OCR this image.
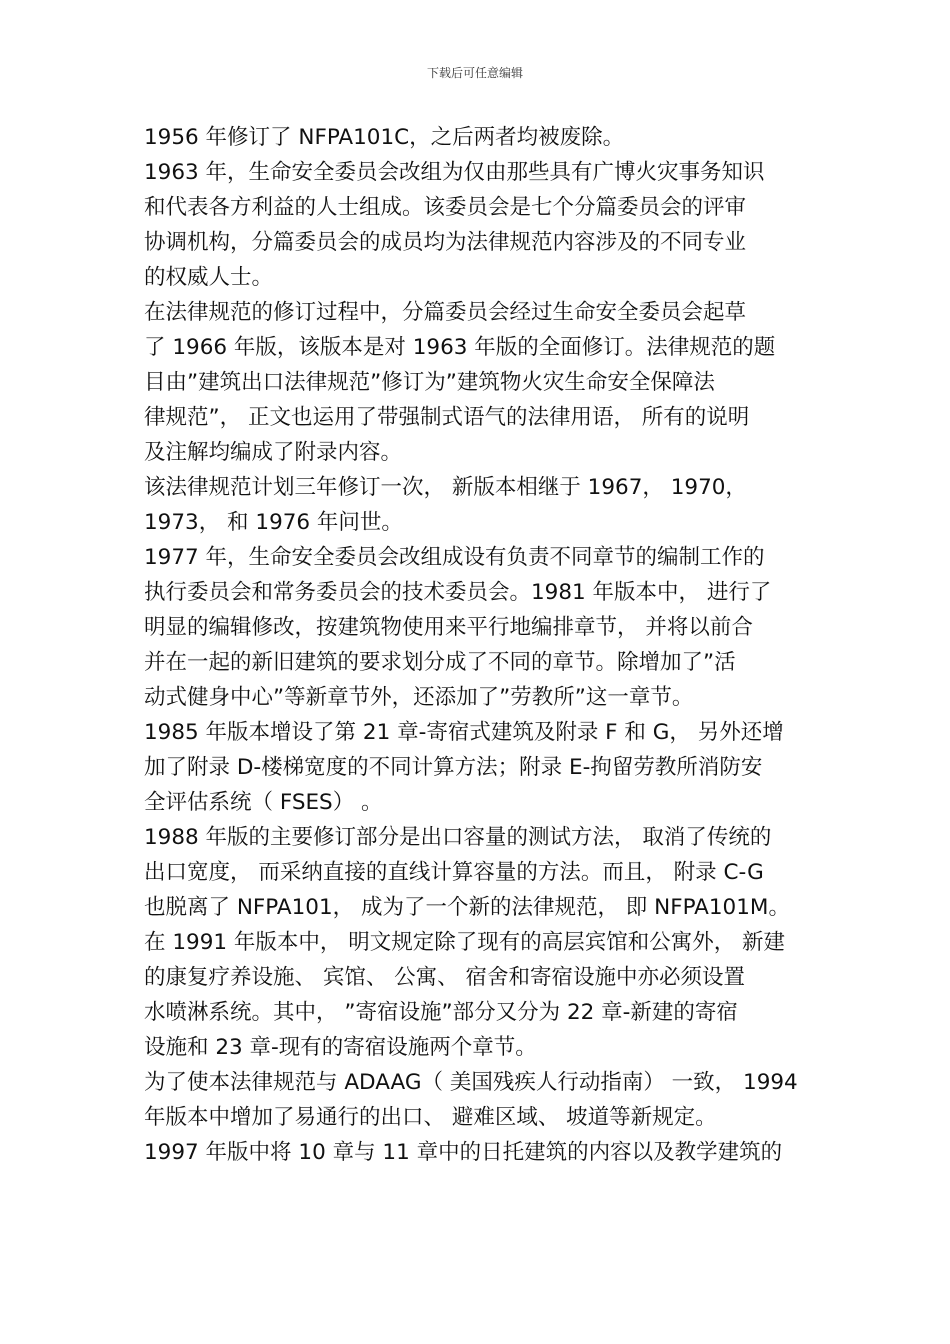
下载后可任意编辑
1956 年修订了 NFPA101C，之后两者均被废除。
1963 年，生命安全委员会改组为仅由那些具有广博火灾事务知识
和代表各方利益的人士组成。该委员会是七个分篇委员会的评审
协调机构，分篇委员会的成员均为法律规范内容涉及的不同专业
的权威人士。
在法律规范的修订过程中，分篇委员会经过生命安全委员会起草
了 1966 年版，该版本是对 1963 年版的全面修订。法律规范的题
目由”建筑出口法律规范”修订为”建筑物火灾生命安全保障法
律规范”， 正文也运用了带强制式语气的法律用语， 所有的说明
及注解均编成了附录内容。
该法律规范计划三年修订一次， 新版本相继于 1967， 1970，
1973， 和 1976 年问世。
1977 年，生命安全委员会改组成设有负责不同章节的编制工作的
执行委员会和常务委员会的技术委员会。1981 年版本中， 进行了
明显的编辑修改，按建筑物使用来平行地编排章节， 并将以前合
并在一起的新旧建筑的要求划分成了不同的章节。除增加了”活
动式健身中心”等新章节外，还添加了”劳教所”这一章节。
1985 年版本增设了第 21 章-寄宿式建筑及附录 F 和 G， 另外还增
加了附录 D-楼梯宽度的不同计算方法；附录 E-拘留劳教所消防安
全评估系统（ FSES） 。
1988 年版的主要修订部分是出口容量的测试方法， 取消了传统的
出口宽度， 而采纳直接的直线计算容量的方法。而且， 附录 C-G
也脱离了 NFPA101， 成为了一个新的法律规范， 即 NFPA101M。
在 1991 年版本中， 明文规定除了现有的高层宾馆和公寓外， 新建
的康复疗养设施、 宾馆、 公寓、 宿舍和寄宿设施中亦必须设置
水喷淋系统。其中， ”寄宿设施”部分又分为 22 章-新建的寄宿
设施和 23 章-现有的寄宿设施两个章节。
为了使本法律规范与 ADAAG（ 美国残疾人行动指南） 一致， 1994
年版本中增加了易通行的出口、 避难区域、 坡道等新规定。
1997 年版中将 10 章与 11 章中的日托建筑的内容以及教学建筑的
